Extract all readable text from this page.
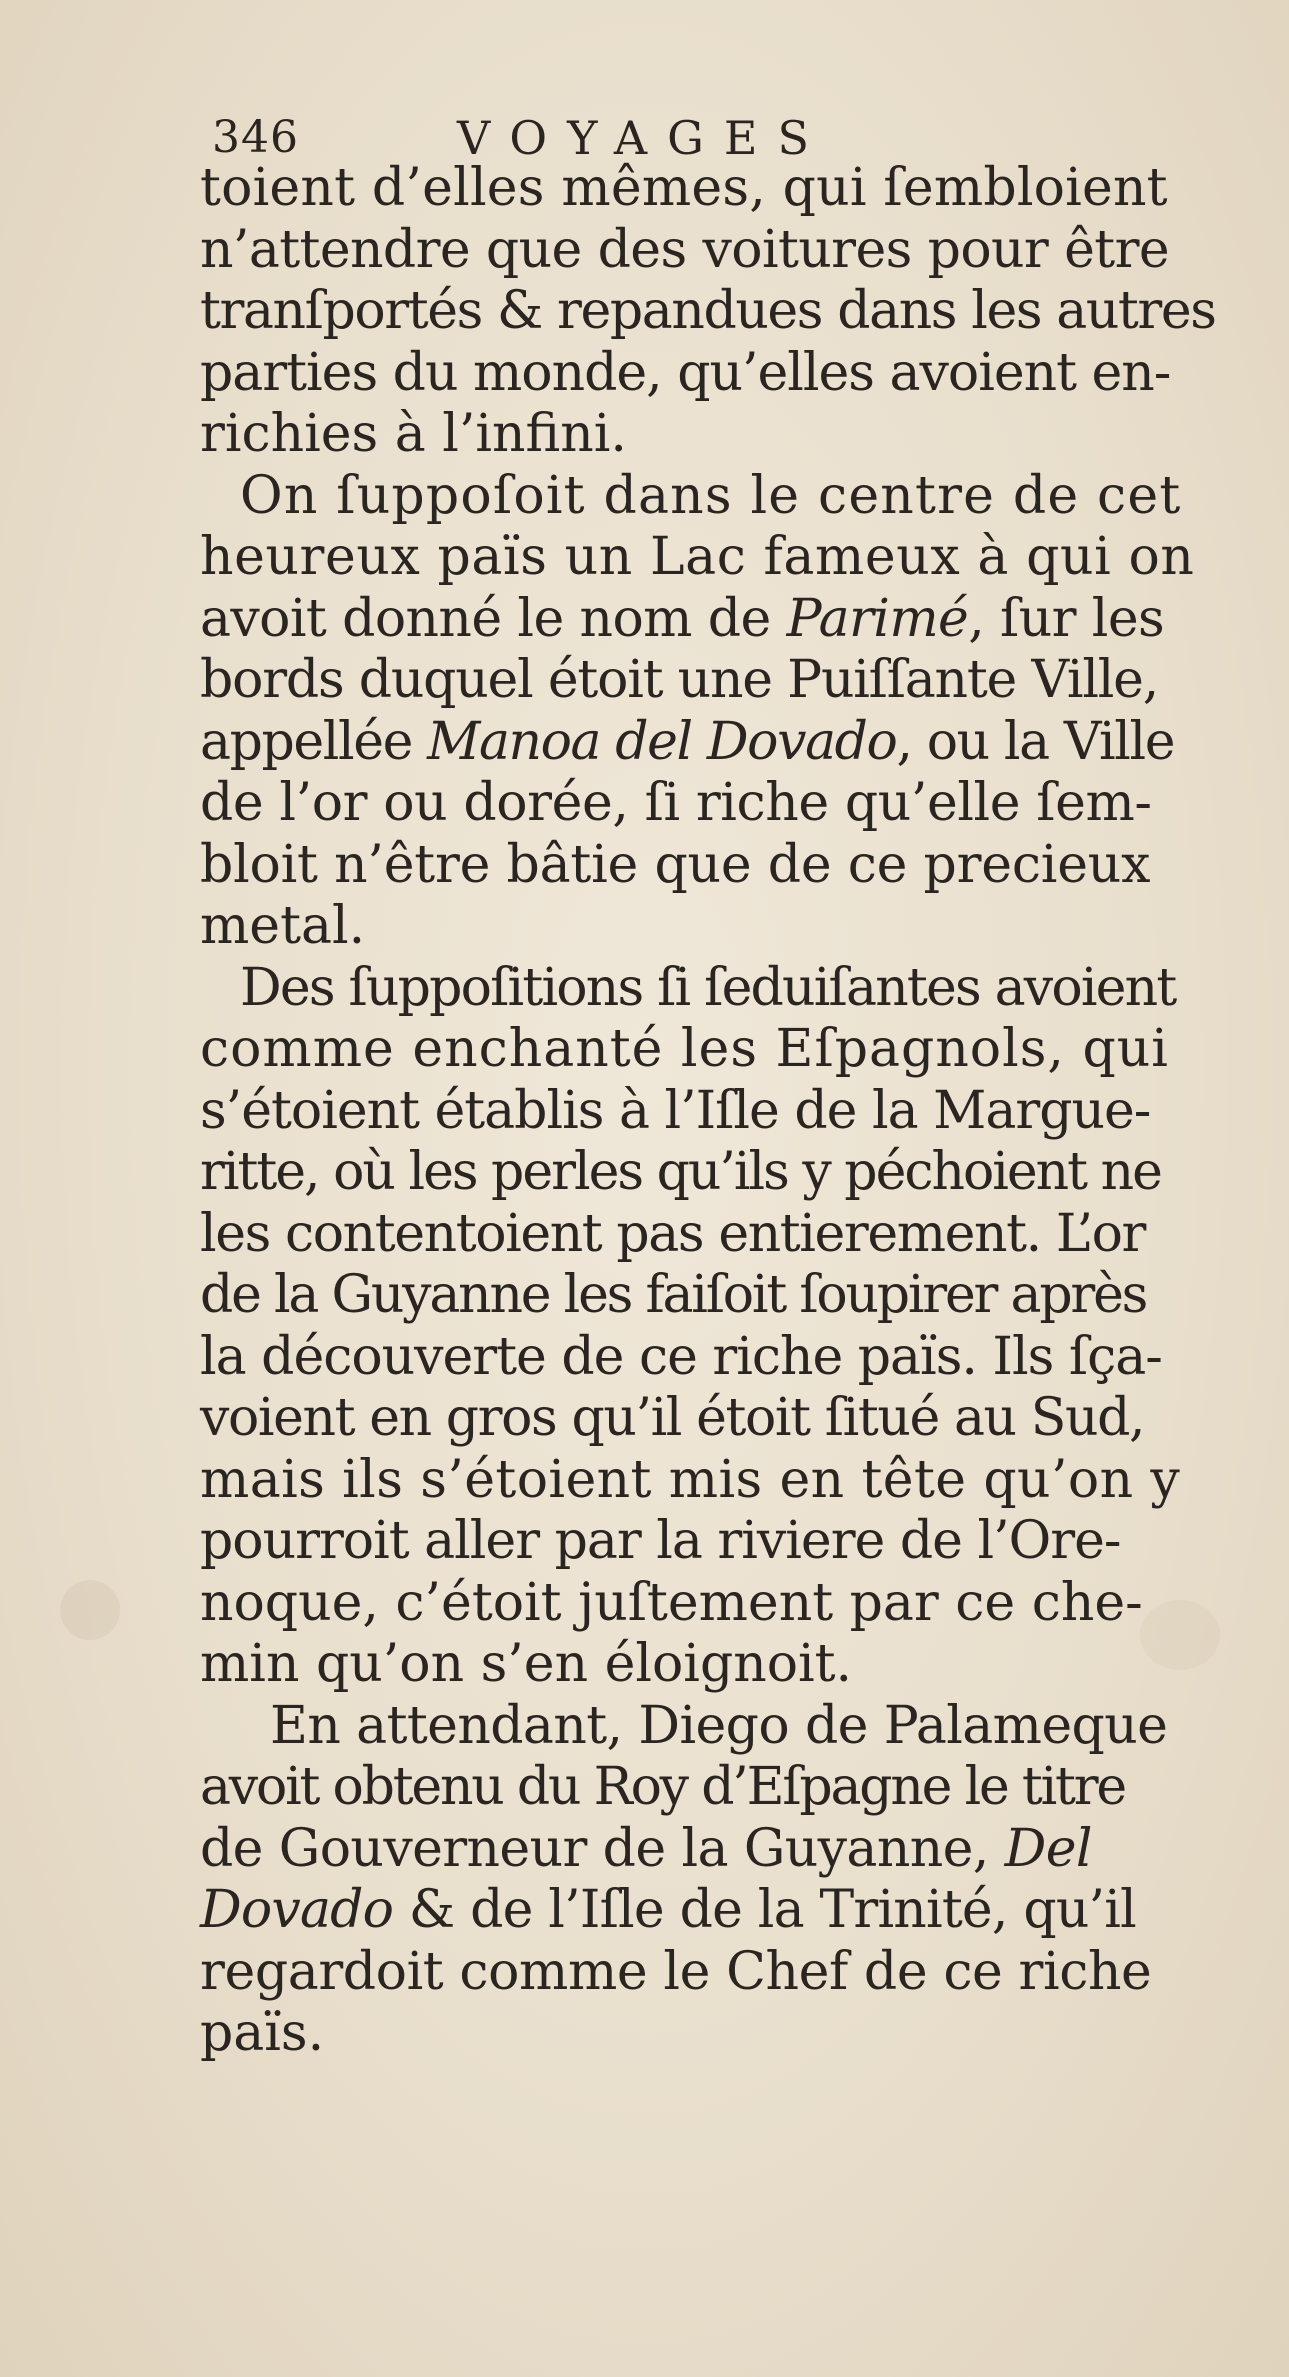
346	VOYAGES
toient d’elles mêmes, qui ſembloient
n’attendre que des voitures pour être
tranſportés & repandues dans les autres
parties du monde, qu’elles avoient en-
richies à l’infini.
On ſuppoſoit dans le centre de cet
heureux païs un Lac fameux à qui on
avoit donné le nom de Parimé, ſur les
bords duquel étoit une Puiſſante Ville,
appellée Manoa del Dovado, ou la Ville
de l’or ou dorée, ſi riche qu’elle ſem-
bloit n’être bâtie que de ce precieux
metal.
Des ſuppoſitions ſi ſeduiſantes avoient
comme enchanté les Eſpagnols, qui
s’étoient établis à l’Iſle de la Margue-
ritte, où les perles qu’ils y péchoient ne
les contentoient pas entierement. L’or
de la Guyanne les faiſoit ſoupirer après
la découverte de ce riche païs. Ils ſça-
voient en gros qu’il étoit ſitué au Sud,
mais ils s’étoient mis en tête qu’on y
pourroit aller par la riviere de l’Ore-
noque, c’étoit juſtement par ce che-
min qu’on s’en éloignoit.
En attendant, Diego de Palameque
avoit obtenu du Roy d’Eſpagne le titre
de Gouverneur de la Guyanne, Del
Dovado & de l’Iſle de la Trinité, qu’il
regardoit comme le Chef de ce riche
païs.
